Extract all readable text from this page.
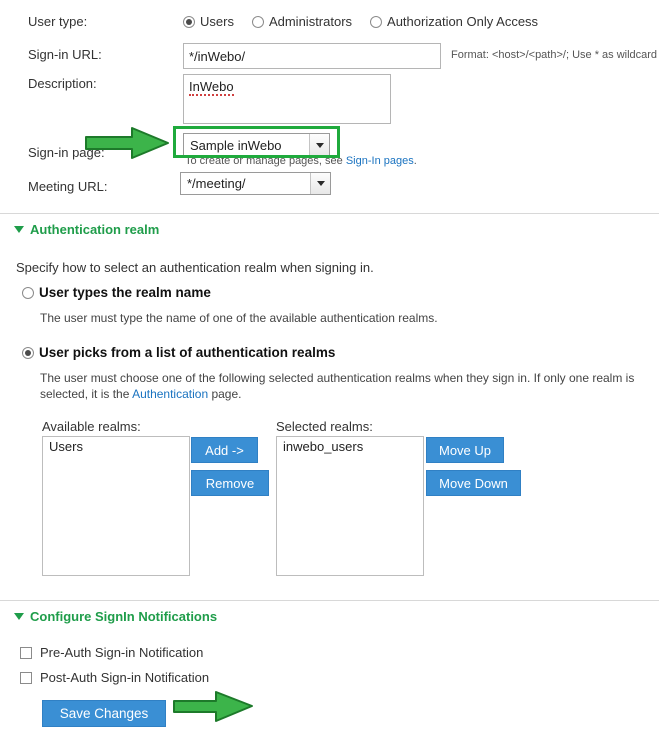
User type:	Users	Administrators	Authorization Only Access
Sign-in URL:
*/inWebo/	Format: <host>/<path>/; Use * as wildcard
Description:	InWebo
Sign-in page:	Sample inWebo
To create or manage pages, see Sign-In pages.
Meeting URL:	*/meeting/
Authentication realm
Specify how to select an authentication realm when signing in.
User types the realm name
The user must type the name of one of the available authentication realms.
User picks from a list of authentication realms
The user must choose one of the following selected authentication realms when they sign in. If only one realm is selected, it is the Authentication page.
Available realms:
Users
Selected realms:
inwebo_users
Add ->
Remove
Move Up
Move Down
Configure SignIn Notifications
Pre-Auth Sign-in Notification
Post-Auth Sign-in Notification
Save Changes
